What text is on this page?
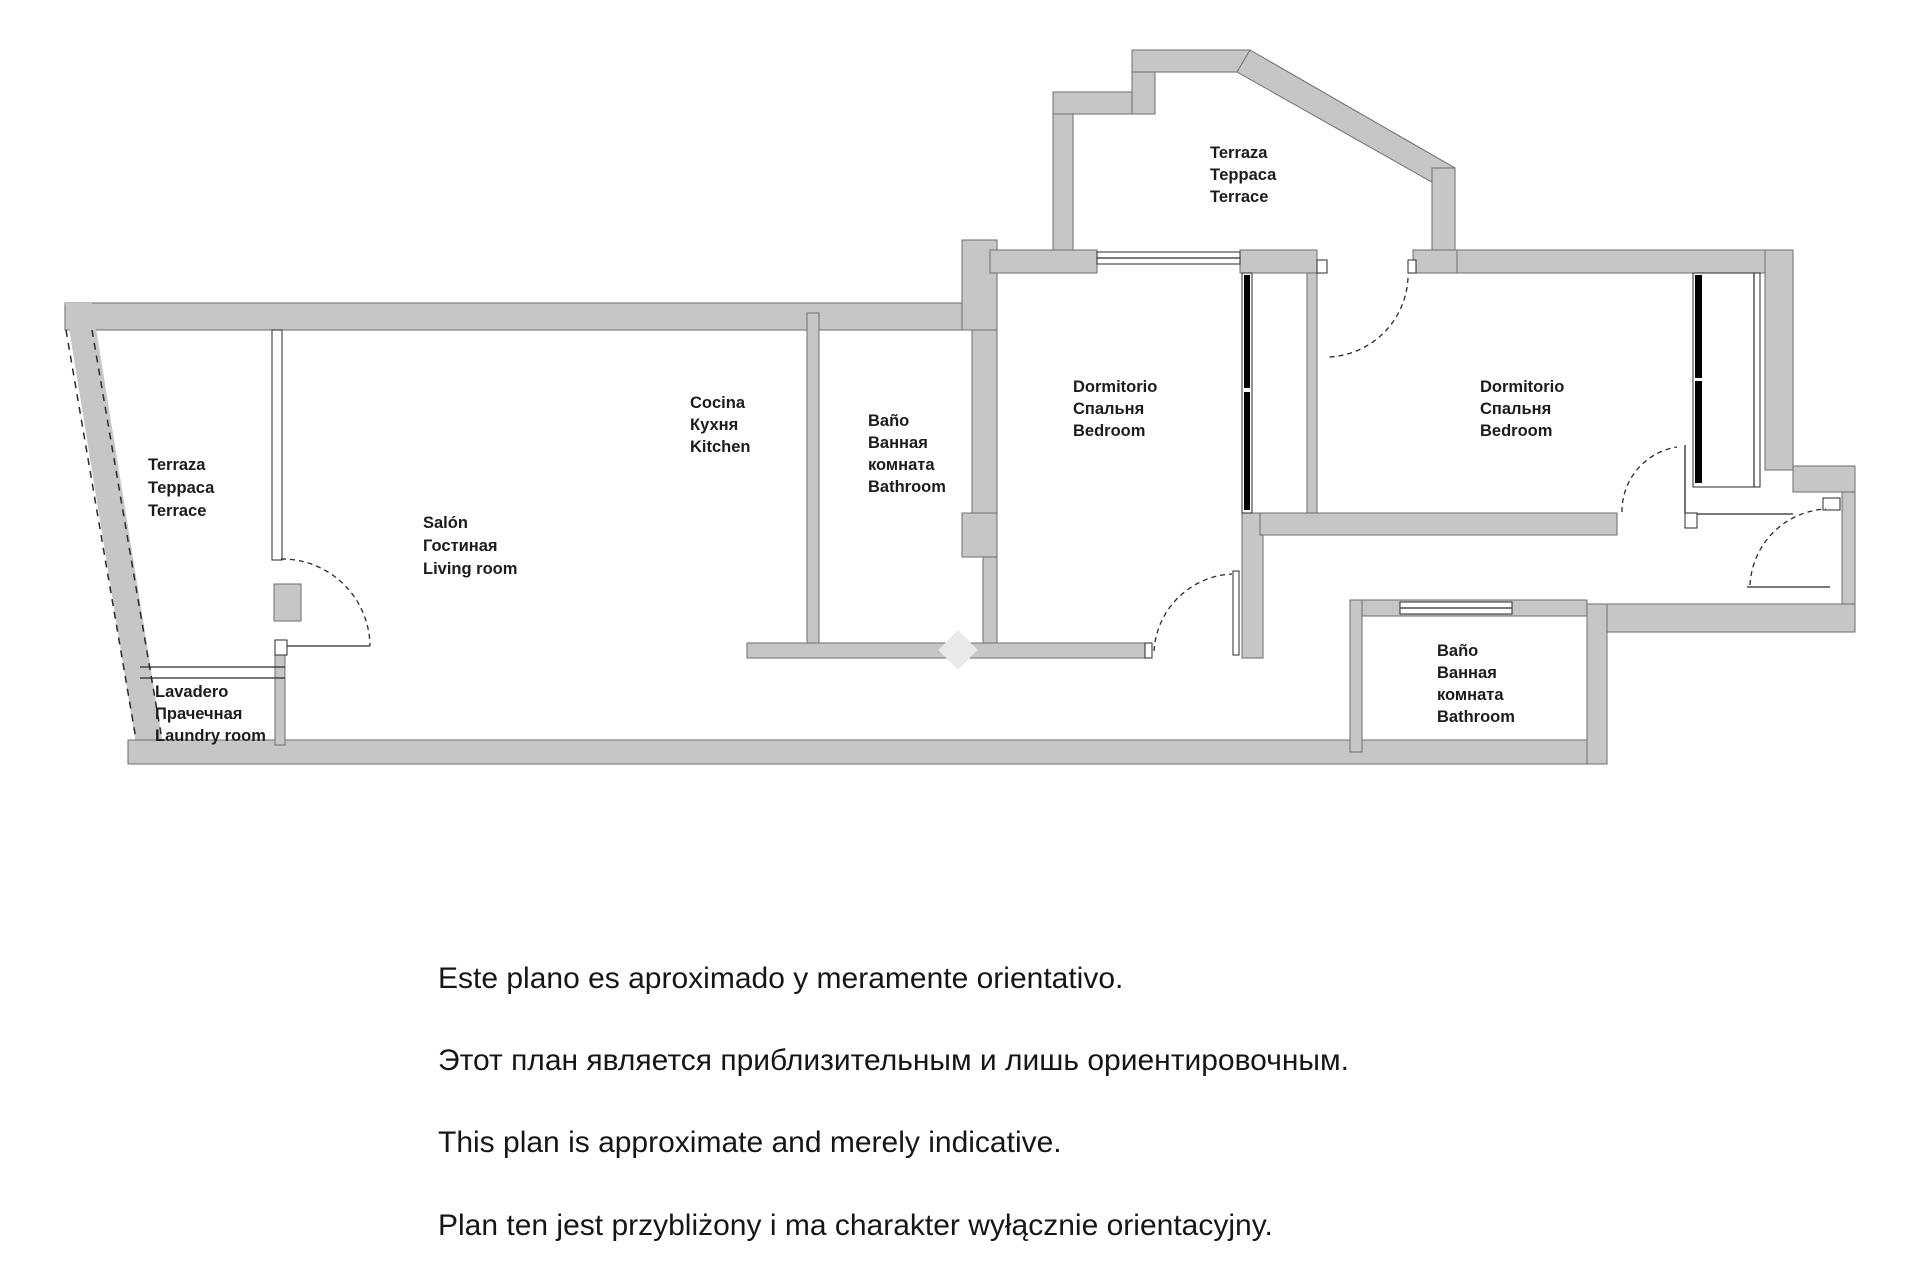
Terraza
Терраса
Terrace
Terraza
Терраса
Terrace
Cocina
Кухня
Kitchen
Salón
Гостиная
Living room
Baño
Ванная
комната
Bathroom
Dormitorio
Спальня
Bedroom
Dormitorio
Спальня
Bedroom
Baño
Ванная
комната
Bathroom
Lavadero
Прачечная
Laundry room
Este plano es aproximado y meramente orientativo.
Этот план является приблизительным и лишь ориентировочным.
This plan is approximate and merely indicative.
Plan ten jest przybliżony i ma charakter wyłącznie orientacyjny.
